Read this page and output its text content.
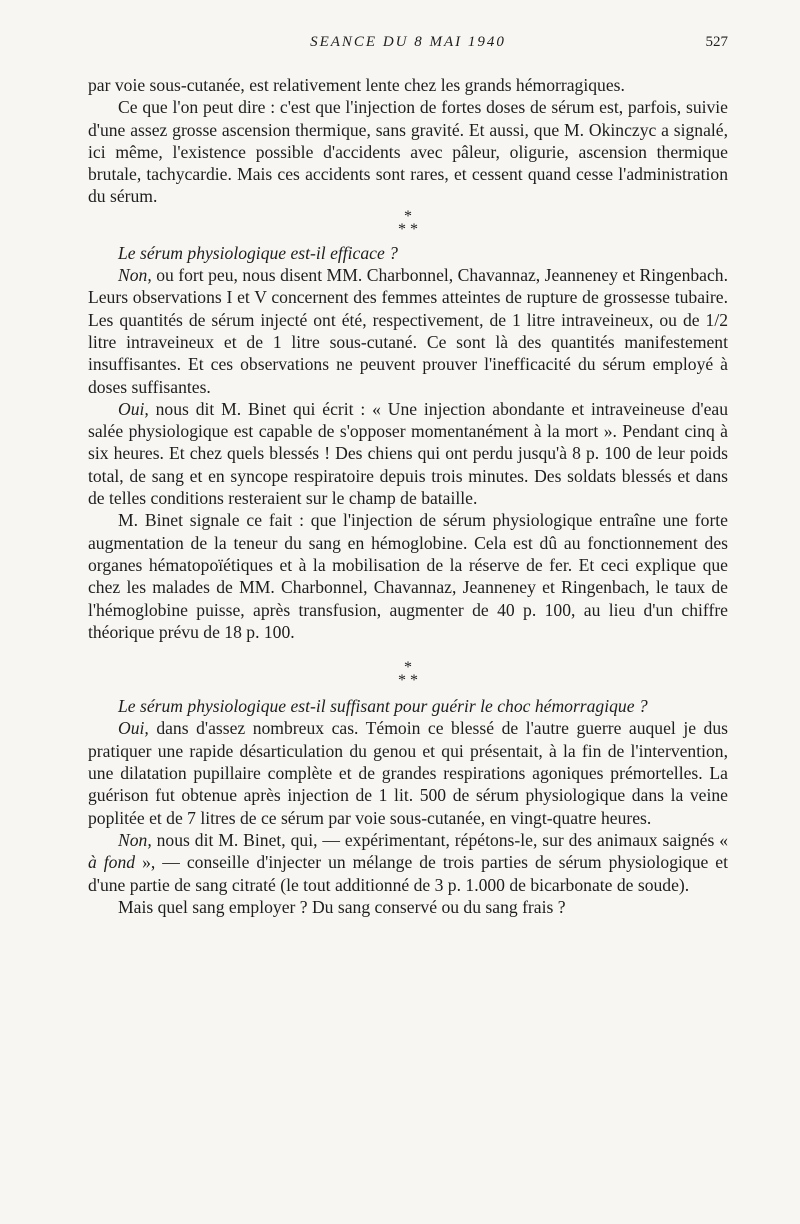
SEANCE DU 8 MAI 1940	527

par voie sous-cutanée, est relativement lente chez les grands hémorragiques.

Ce que l'on peut dire : c'est que l'injection de fortes doses de sérum est, parfois, suivie d'une assez grosse ascension thermique, sans gravité. Et aussi, que M. Okinczyc a signalé, ici même, l'existence possible d'accidents avec pâleur, oligurie, ascension thermique brutale, tachycardie. Mais ces accidents sont rares, et cessent quand cesse l'administration du sérum.

*
* *

Le sérum physiologique est-il efficace ?

Non, ou fort peu, nous disent MM. Charbonnel, Chavannaz, Jeanneney et Ringenbach. Leurs observations I et V concernent des femmes atteintes de rupture de grossesse tubaire. Les quantités de sérum injecté ont été, respectivement, de 1 litre intraveineux, ou de 1/2 litre intraveineux et de 1 litre sous-cutané. Ce sont là des quantités manifestement insuffisantes. Et ces observations ne peuvent prouver l'inefficacité du sérum employé à doses suffisantes.

Oui, nous dit M. Binet qui écrit : « Une injection abondante et intraveineuse d'eau salée physiologique est capable de s'opposer momentanément à la mort ». Pendant cinq à six heures. Et chez quels blessés ! Des chiens qui ont perdu jusqu'à 8 p. 100 de leur poids total, de sang et en syncope respiratoire depuis trois minutes. Des soldats blessés et dans de telles conditions resteraient sur le champ de bataille.

M. Binet signale ce fait : que l'injection de sérum physiologique entraîne une forte augmentation de la teneur du sang en hémoglobine. Cela est dû au fonctionnement des organes hématopoïétiques et à la mobilisation de la réserve de fer. Et ceci explique que chez les malades de MM. Charbonnel, Chavannaz, Jeanneney et Ringenbach, le taux de l'hémoglobine puisse, après transfusion, augmenter de 40 p. 100, au lieu d'un chiffre théorique prévu de 18 p. 100.

*
* *

Le sérum physiologique est-il suffisant pour guérir le choc hémorragique ?

Oui, dans d'assez nombreux cas. Témoin ce blessé de l'autre guerre auquel je dus pratiquer une rapide désarticulation du genou et qui présentait, à la fin de l'intervention, une dilatation pupillaire complète et de grandes respirations agoniques prémortelles. La guérison fut obtenue après injection de 1 lit. 500 de sérum physiologique dans la veine poplitée et de 7 litres de ce sérum par voie sous-cutanée, en vingt-quatre heures.

Non, nous dit M. Binet, qui, — expérimentant, répétons-le, sur des animaux saignés « à fond », — conseille d'injecter un mélange de trois parties de sérum physiologique et d'une partie de sang citraté (le tout additionné de 3 p. 1.000 de bicarbonate de soude).

Mais quel sang employer ? Du sang conservé ou du sang frais ?
